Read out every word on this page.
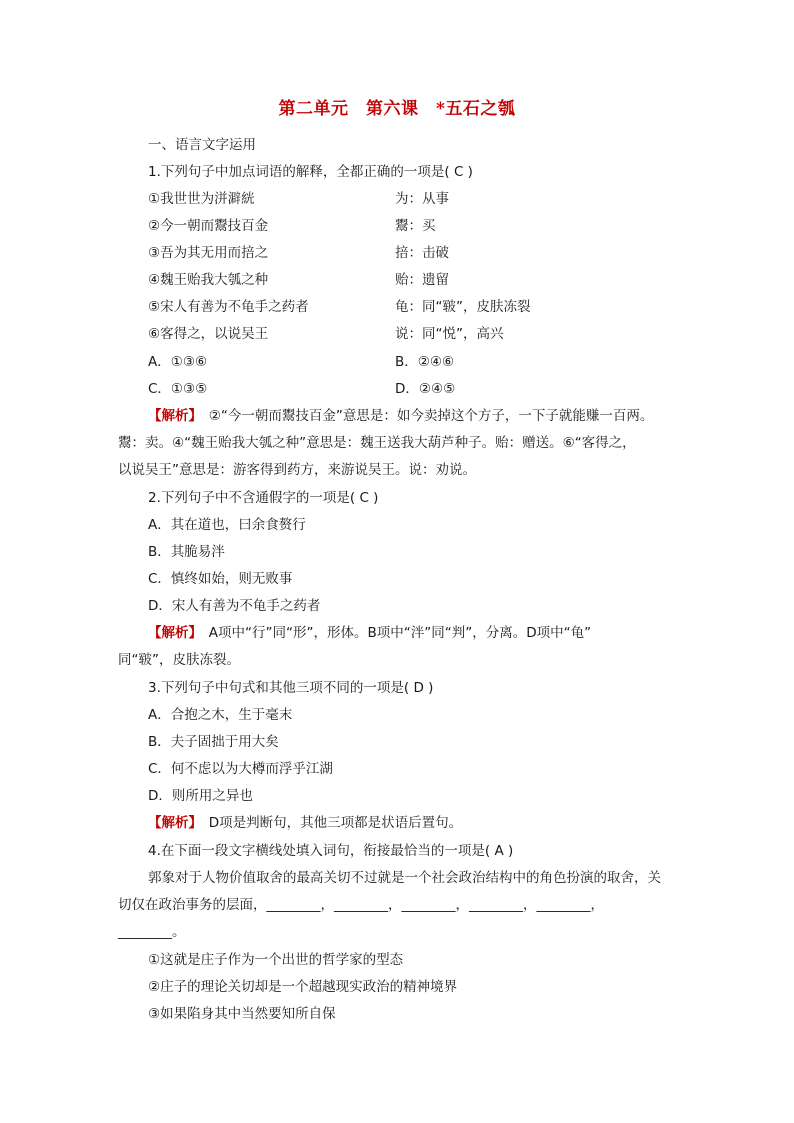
第二单元　第六课　*五石之瓠
一、语言文字运用
1.下列句子中加点词语的解释，全都正确的一项是( C )
①我世世为洴澼絖	为：从事
②今一朝而鬻技百金	鬻：买
③吾为其无用而掊之	掊：击破
④魏王贻我大瓠之种	贻：遗留
⑤宋人有善为不龟手之药者	龟：同“皲”，皮肤冻裂
⑥客得之，以说吴王	说：同“悦”，高兴
A．①③⑥	B．②④⑥
C．①③⑤	D．②④⑤
【解析】　 ②“今一朝而鬻技百金”意思是：如今卖掉这个方子，一下子就能赚一百两。
鬻：卖。④“魏王贻我大瓠之种”意思是：魏王送我大葫芦种子。贻：赠送。⑥“客得之，
以说吴王”意思是：游客得到药方，来游说吴王。说：劝说。
2.下列句子中不含通假字的一项是( C )
A．其在道也，曰余食赘行
B．其脆易泮
C．慎终如始，则无败事
D．宋人有善为不龟手之药者
【解析】　 A项中“行”同“形”，形体。B项中“泮”同“判”，分离。D项中“龟”
同“皲”，皮肤冻裂。
3.下列句子中句式和其他三项不同的一项是( D )
A．合抱之木，生于毫末
B．夫子固拙于用大矣
C．何不虑以为大樽而浮乎江湖
D．则所用之异也
【解析】　 D项是判断句，其他三项都是状语后置句。
4.在下面一段文字横线处填入词句，衔接最恰当的一项是( A )
郭象对于人物价值取舍的最高关切不过就是一个社会政治结构中的角色扮演的取舍，关
切仅在政治事务的层面，________，________，________，________，________，
________。
①这就是庄子作为一个出世的哲学家的型态
②庄子的理论关切却是一个超越现实政治的精神境界
③如果陷身其中当然要知所自保
